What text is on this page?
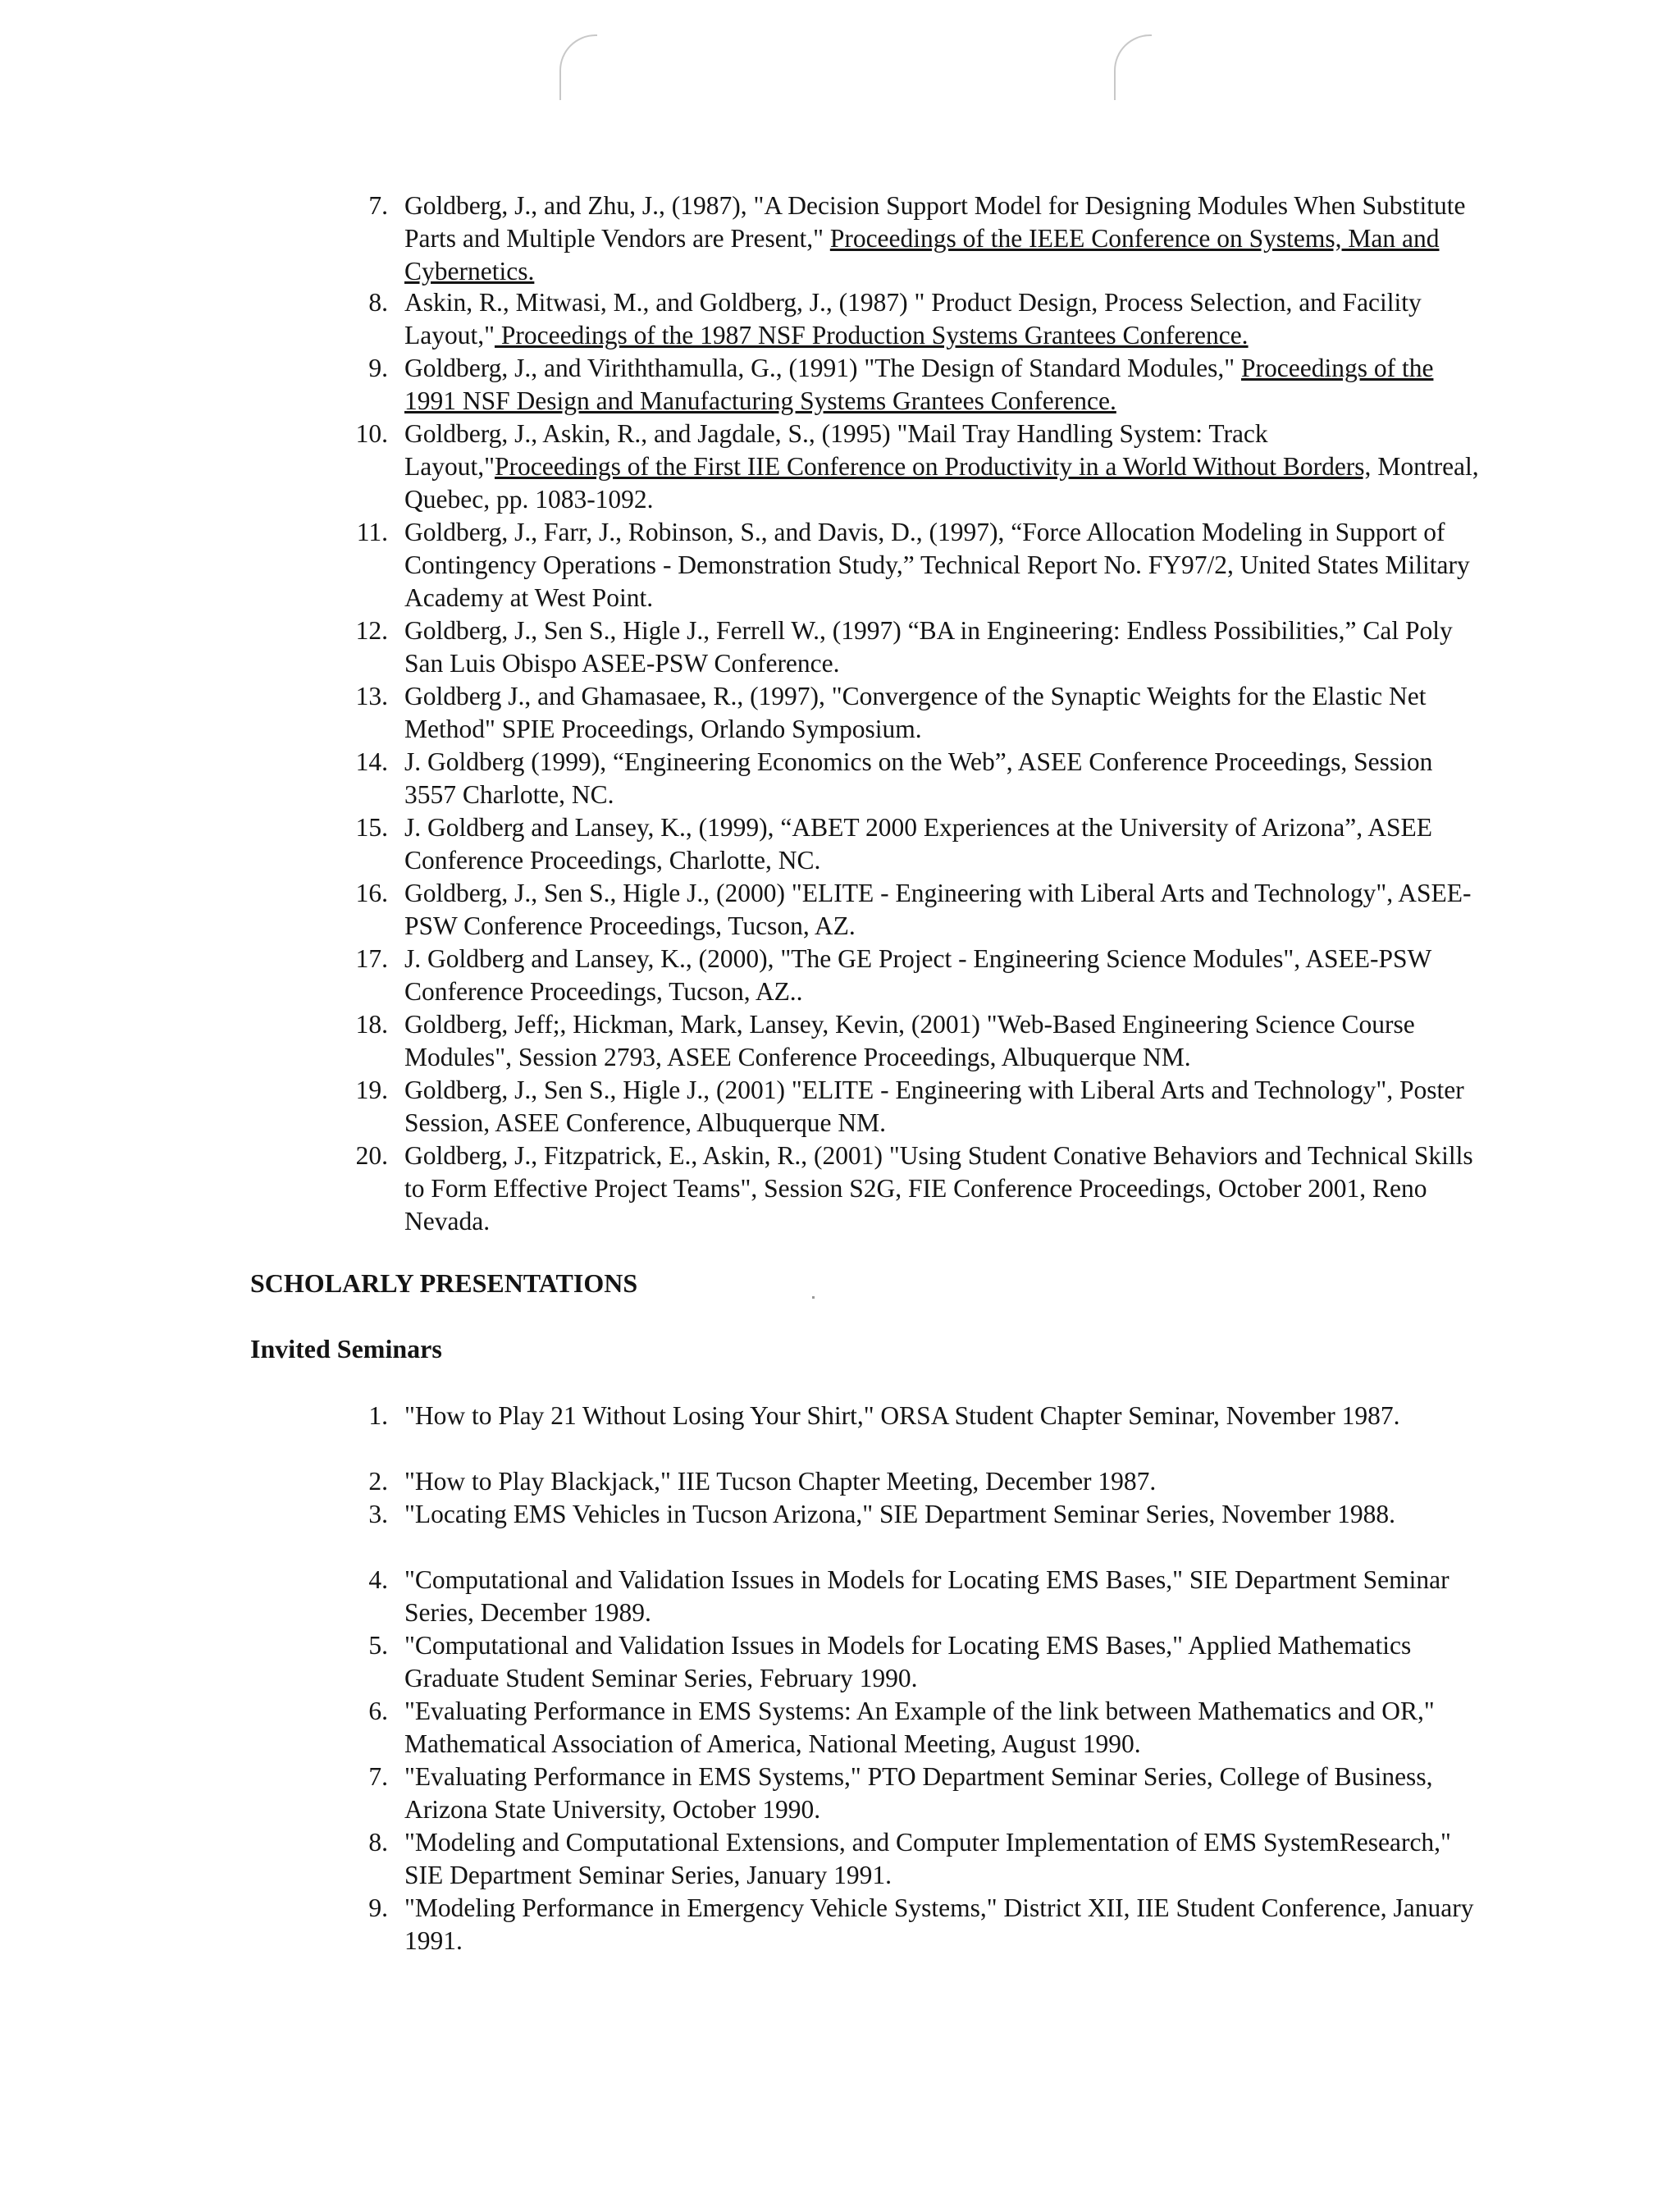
7. Goldberg, J., and Zhu, J., (1987), "A Decision Support Model for Designing Modules When Substitute Parts and Multiple Vendors are Present," Proceedings of the IEEE Conference on Systems, Man and Cybernetics.
8. Askin, R., Mitwasi, M., and Goldberg, J., (1987) " Product Design, Process Selection, and Facility Layout," Proceedings of the 1987 NSF Production Systems Grantees Conference.
9. Goldberg, J., and Viriththamulla, G., (1991) "The Design of Standard Modules," Proceedings of the 1991 NSF Design and Manufacturing Systems Grantees Conference.
10. Goldberg, J., Askin, R., and Jagdale, S., (1995) "Mail Tray Handling System: Track Layout,"Proceedings of the First IIE Conference on Productivity in a World Without Borders, Montreal, Quebec, pp. 1083-1092.
11. Goldberg, J., Farr, J., Robinson, S., and Davis, D., (1997), “Force Allocation Modeling in Support of Contingency Operations - Demonstration Study,” Technical Report No. FY97/2, United States Military Academy at West Point.
12. Goldberg, J., Sen S., Higle J., Ferrell W., (1997) “BA in Engineering: Endless Possibilities,” Cal Poly San Luis Obispo ASEE-PSW Conference.
13. Goldberg J., and Ghamasaee, R., (1997), "Convergence of the Synaptic Weights for the Elastic Net Method" SPIE Proceedings, Orlando Symposium.
14. J. Goldberg (1999), “Engineering Economics on the Web”, ASEE Conference Proceedings, Session 3557 Charlotte, NC.
15. J. Goldberg and Lansey, K., (1999), “ABET 2000 Experiences at the University of Arizona”, ASEE Conference Proceedings, Charlotte, NC.
16. Goldberg, J., Sen S., Higle J., (2000) "ELITE - Engineering with Liberal Arts and Technology", ASEE-PSW Conference Proceedings, Tucson, AZ.
17. J. Goldberg and Lansey, K., (2000), "The GE Project - Engineering Science Modules", ASEE-PSW Conference Proceedings, Tucson, AZ..
18. Goldberg, Jeff;, Hickman, Mark, Lansey, Kevin, (2001) "Web-Based Engineering Science Course Modules", Session 2793, ASEE Conference Proceedings, Albuquerque NM.
19. Goldberg, J., Sen S., Higle J., (2001) "ELITE - Engineering with Liberal Arts and Technology", Poster Session, ASEE Conference, Albuquerque NM.
20. Goldberg, J., Fitzpatrick, E., Askin, R., (2001) "Using Student Conative Behaviors and Technical Skills to Form Effective Project Teams", Session S2G, FIE Conference Proceedings, October 2001, Reno Nevada.
SCHOLARLY PRESENTATIONS
Invited Seminars
1. "How to Play 21 Without Losing Your Shirt," ORSA Student Chapter Seminar, November 1987.
2. "How to Play Blackjack," IIE Tucson Chapter Meeting, December 1987.
3. "Locating EMS Vehicles in Tucson Arizona," SIE Department Seminar Series, November 1988.
4. "Computational and Validation Issues in Models for Locating EMS Bases," SIE Department Seminar Series, December 1989.
5. "Computational and Validation Issues in Models for Locating EMS Bases," Applied Mathematics Graduate Student Seminar Series, February 1990.
6. "Evaluating Performance in EMS Systems: An Example of the link between Mathematics and OR," Mathematical Association of America, National Meeting, August 1990.
7. "Evaluating Performance in EMS Systems," PTO Department Seminar Series, College of Business, Arizona State University, October 1990.
8. "Modeling and Computational Extensions, and Computer Implementation of EMS SystemResearch," SIE Department Seminar Series, January 1991.
9. "Modeling Performance in Emergency Vehicle Systems," District XII, IIE Student Conference, January 1991.
